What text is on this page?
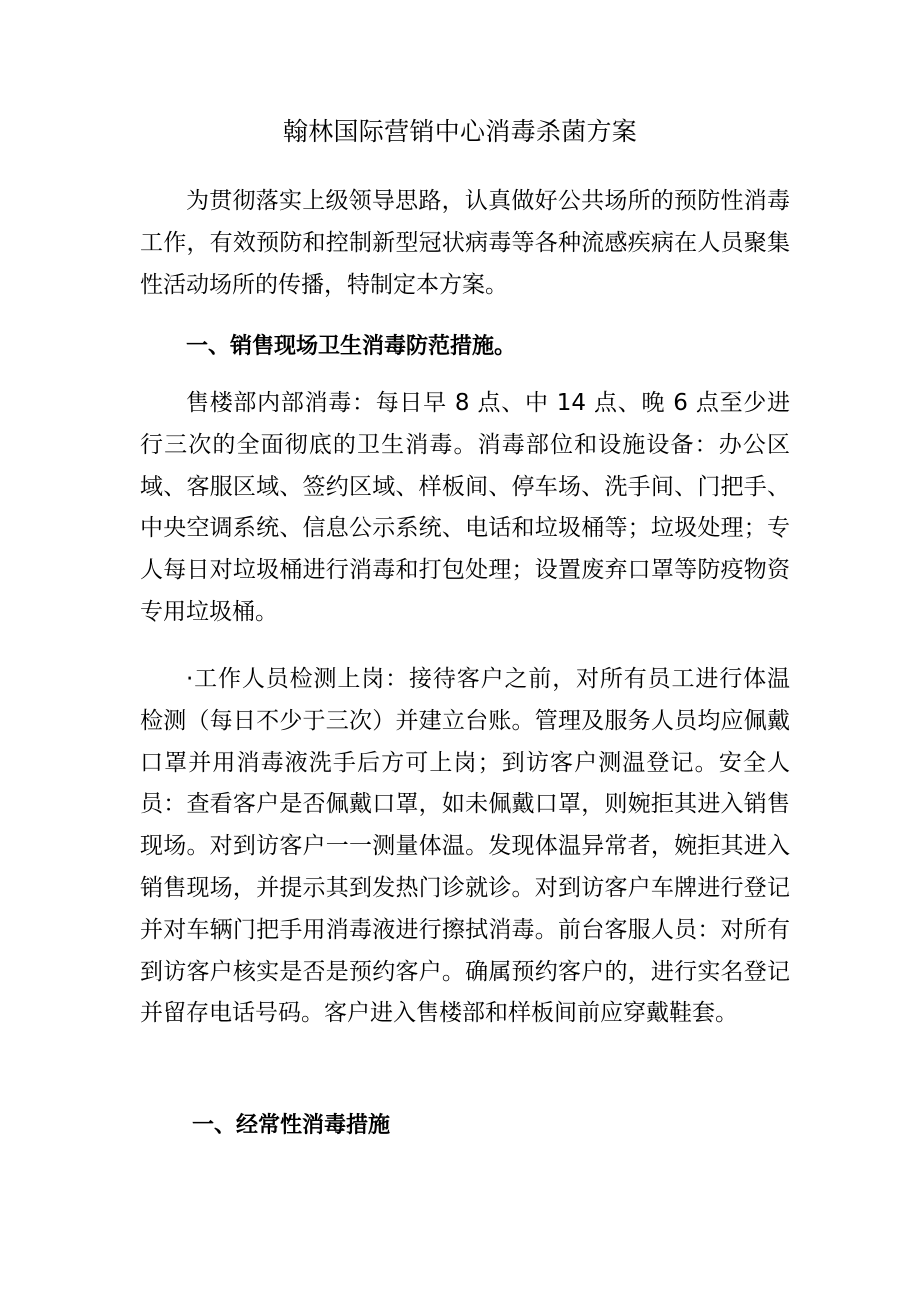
翰林国际营销中心消毒杀菌方案

为贯彻落实上级领导思路，认真做好公共场所的预防性消毒工作，有效预防和控制新型冠状病毒等各种流感疾病在人员聚集性活动场所的传播，特制定本方案。

一、销售现场卫生消毒防范措施。

售楼部内部消毒：每日早 8 点、中 14 点、晚 6 点至少进行三次的全面彻底的卫生消毒。消毒部位和设施设备：办公区域、客服区域、签约区域、样板间、停车场、洗手间、门把手、中央空调系统、信息公示系统、电话和垃圾桶等；垃圾处理；专人每日对垃圾桶进行消毒和打包处理；设置废弃口罩等防疫物资专用垃圾桶。

·工作人员检测上岗：接待客户之前，对所有员工进行体温检测（每日不少于三次）并建立台账。管理及服务人员均应佩戴口罩并用消毒液洗手后方可上岗；到访客户测温登记。安全人员：查看客户是否佩戴口罩，如未佩戴口罩，则婉拒其进入销售现场。对到访客户一一测量体温。发现体温异常者，婉拒其进入销售现场，并提示其到发热门诊就诊。对到访客户车牌进行登记并对车辆门把手用消毒液进行擦拭消毒。前台客服人员：对所有到访客户核实是否是预约客户。确属预约客户的，进行实名登记并留存电话号码。客户进入售楼部和样板间前应穿戴鞋套。

一、经常性消毒措施
